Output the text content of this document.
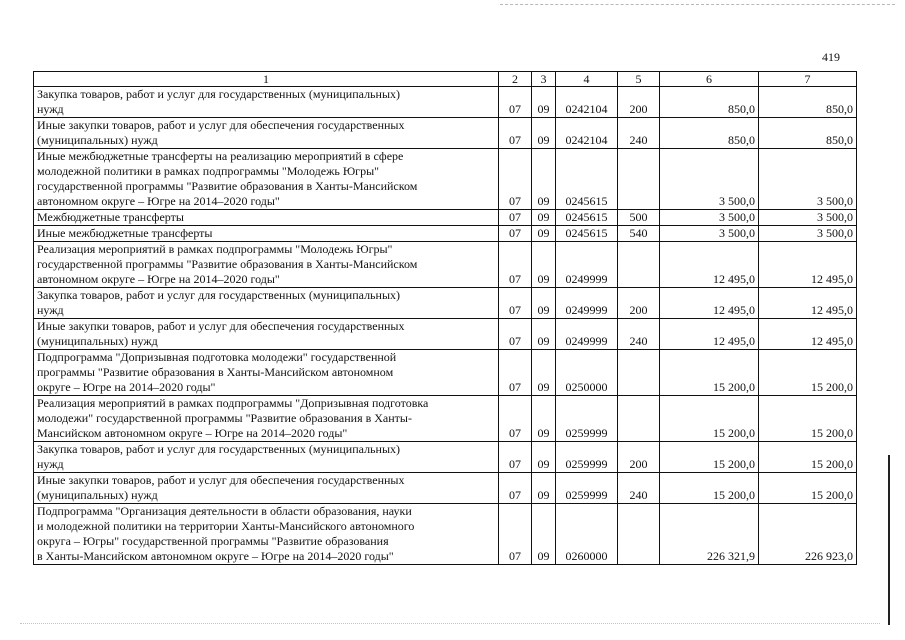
419
1	2	3	4	5	6	7
Закупка товаров, работ и услуг для государственных (муниципальных)
нужд	07	09	0242104	200	850,0	850,0
Иные закупки товаров, работ и услуг для обеспечения государственных
(муниципальных) нужд	07	09	0242104	240	850,0	850,0
Иные межбюджетные трансферты на реализацию мероприятий в сфере
молодежной политики в рамках подпрограммы "Молодежь Югры"
государственной программы "Развитие образования в Ханты-Мансийском
автономном округе – Югре на 2014–2020 годы"	07	09	0245615		3 500,0	3 500,0
Межбюджетные трансферты	07	09	0245615	500	3 500,0	3 500,0
Иные межбюджетные трансферты	07	09	0245615	540	3 500,0	3 500,0
Реализация мероприятий в рамках подпрограммы "Молодежь Югры"
государственной программы "Развитие образования в Ханты-Мансийском
автономном округе – Югре на 2014–2020 годы"	07	09	0249999		12 495,0	12 495,0
Закупка товаров, работ и услуг для государственных (муниципальных)
нужд	07	09	0249999	200	12 495,0	12 495,0
Иные закупки товаров, работ и услуг для обеспечения государственных
(муниципальных) нужд	07	09	0249999	240	12 495,0	12 495,0
Подпрограмма "Допризывная подготовка молодежи" государственной
программы "Развитие образования в Ханты-Мансийском автономном
округе – Югре на 2014–2020 годы"	07	09	0250000		15 200,0	15 200,0
Реализация мероприятий в рамках подпрограммы "Допризывная подготовка
молодежи" государственной программы "Развитие образования в Ханты-
Мансийском автономном округе – Югре на 2014–2020 годы"	07	09	0259999		15 200,0	15 200,0
Закупка товаров, работ и услуг для государственных (муниципальных)
нужд	07	09	0259999	200	15 200,0	15 200,0
Иные закупки товаров, работ и услуг для обеспечения государственных
(муниципальных) нужд	07	09	0259999	240	15 200,0	15 200,0
Подпрограмма "Организация деятельности в области образования, науки
и молодежной политики на территории Ханты-Мансийского автономного
округа – Югры" государственной программы "Развитие образования
в Ханты-Мансийском автономном округе – Югре на 2014–2020 годы"	07	09	0260000		226 321,9	226 923,0
